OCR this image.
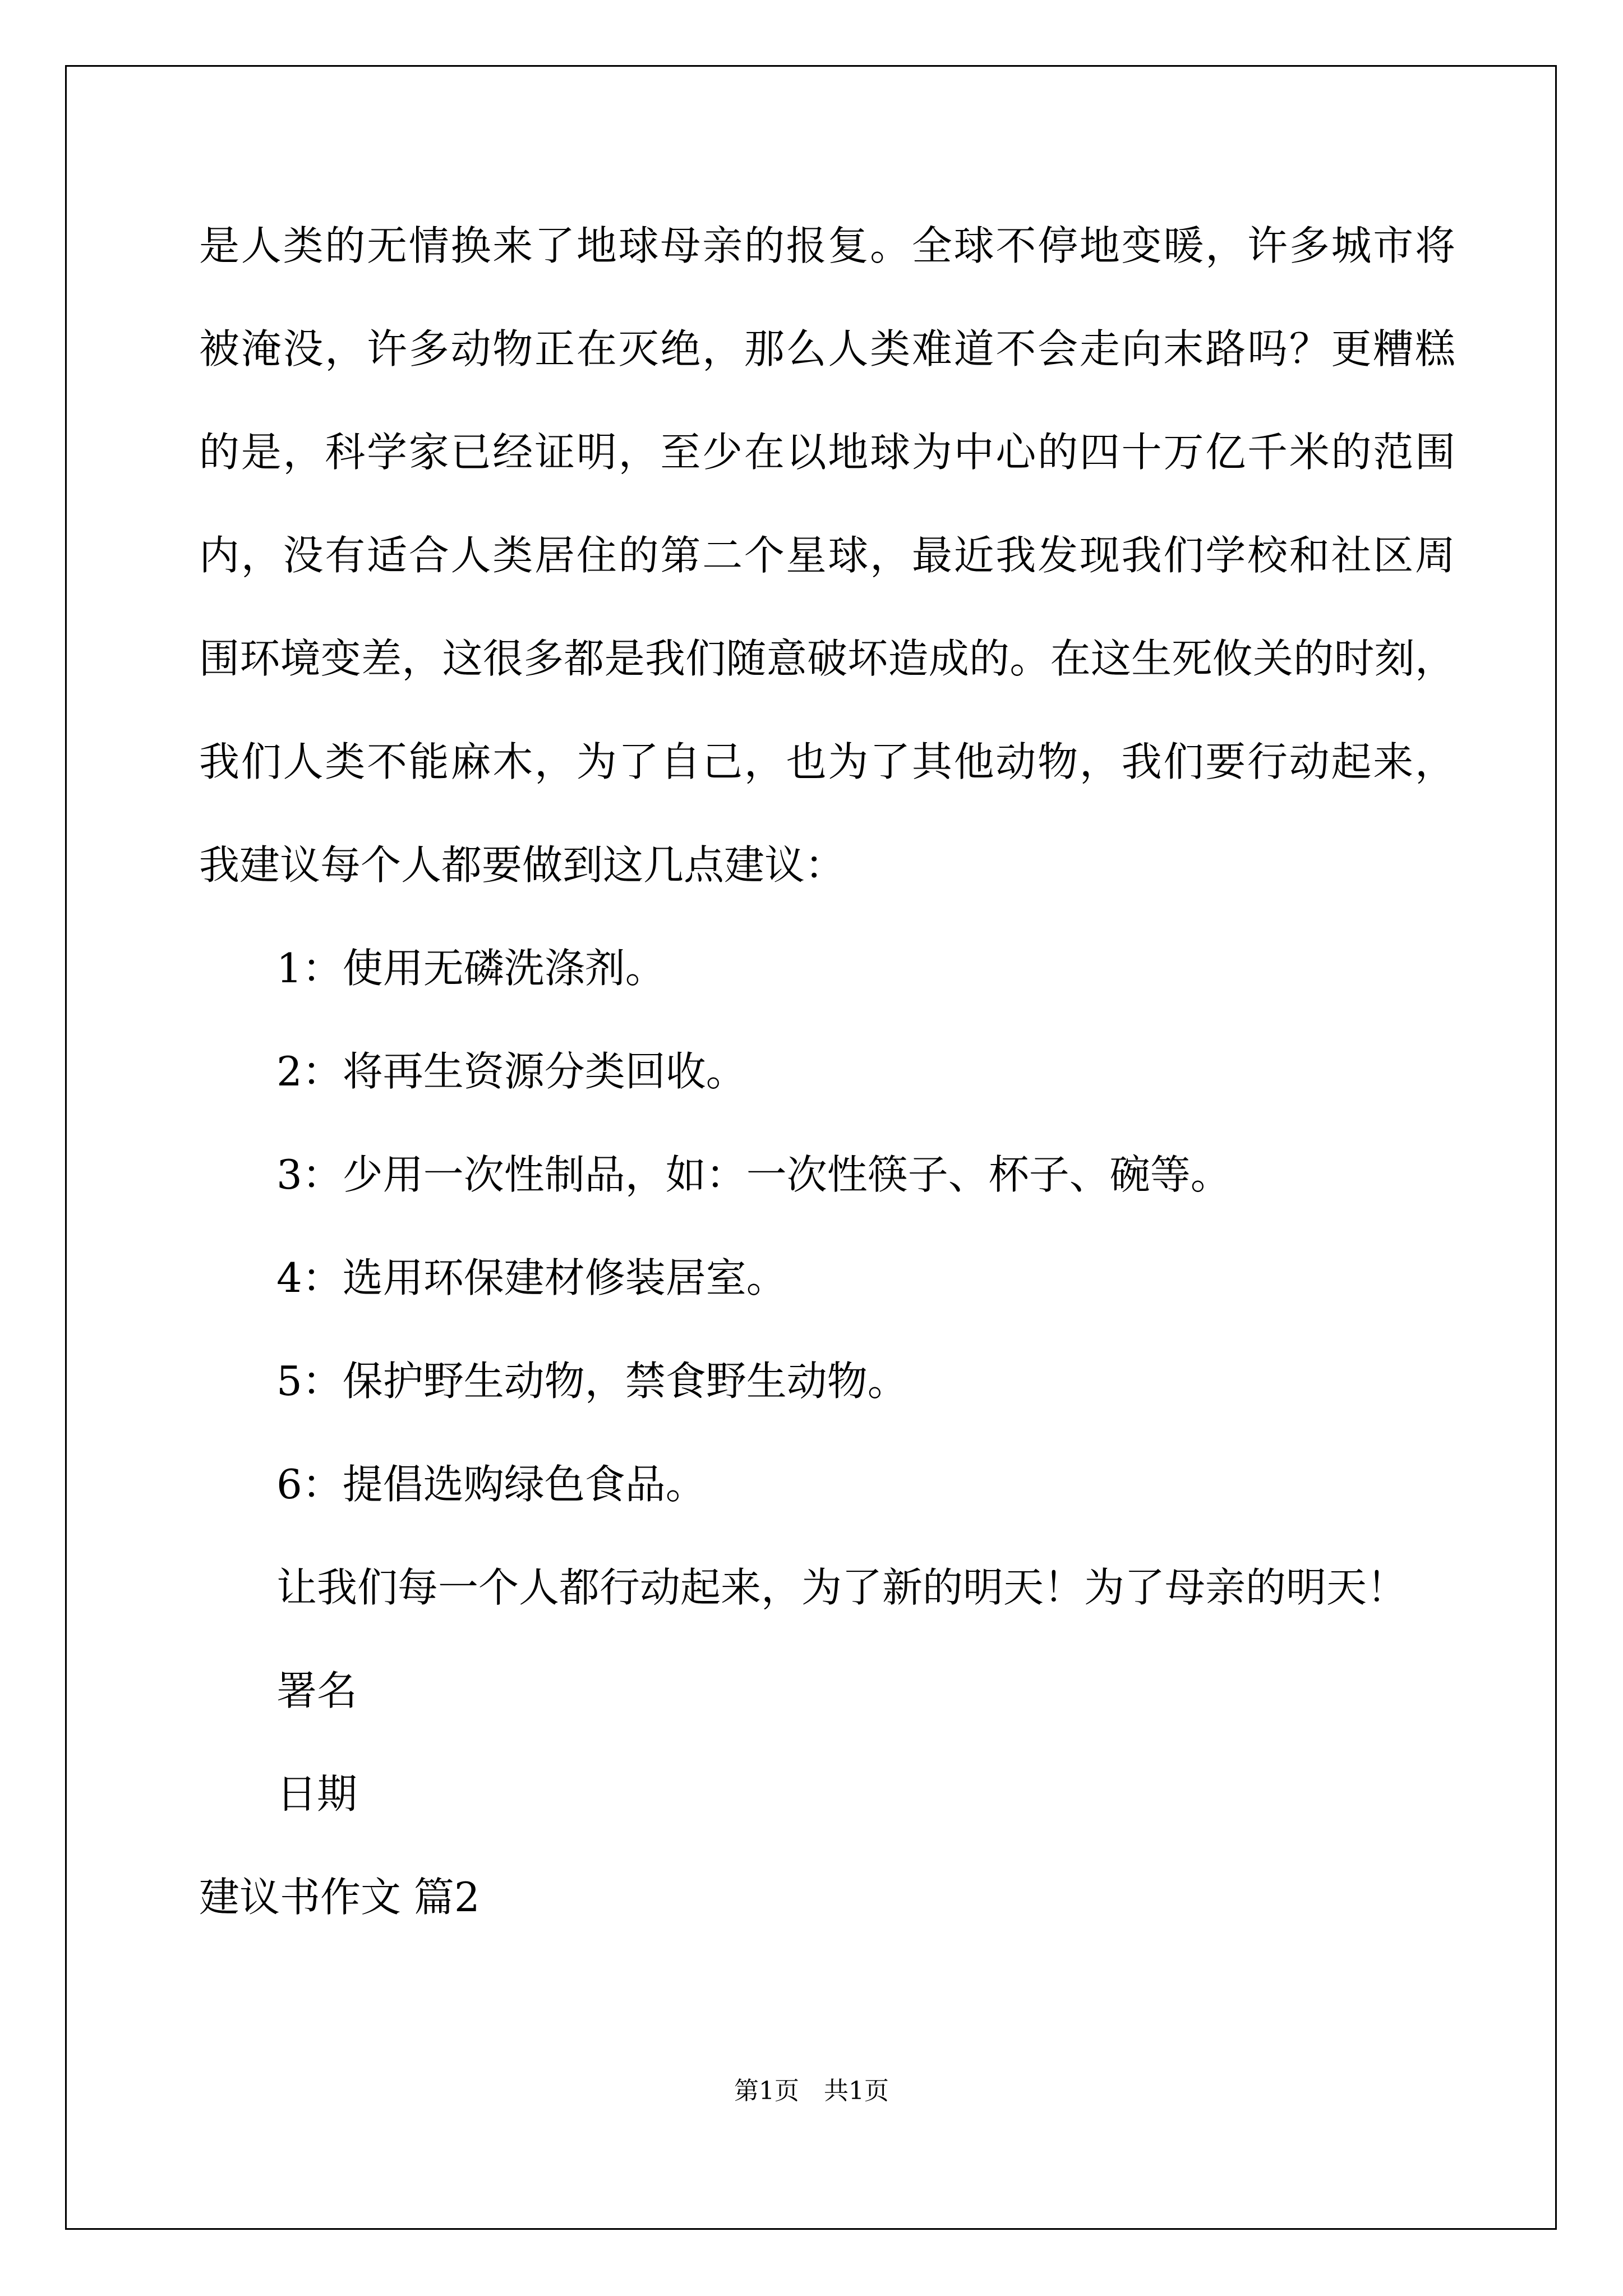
是人类的无情换来了地球母亲的报复。全球不停地变暖，许多城市将
被淹没，许多动物正在灭绝，那么人类难道不会走向末路吗？更糟糕
的是，科学家已经证明，至少在以地球为中心的四十万亿千米的范围
内，没有适合人类居住的第二个星球，最近我发现我们学校和社区周
围环境变差，这很多都是我们随意破坏造成的。在这生死攸关的时刻，
我们人类不能麻木，为了自己，也为了其他动物，我们要行动起来，
我建议每个人都要做到这几点建议：
1：使用无磷洗涤剂。
2：将再生资源分类回收。
3：少用一次性制品，如：一次性筷子、杯子、碗等。
4：选用环保建材修装居室。
5：保护野生动物，禁食野生动物。
6：提倡选购绿色食品。
让我们每一个人都行动起来，为了新的明天！为了母亲的明天！
署名
日期
建议书作文 篇2
第1页　共1页
